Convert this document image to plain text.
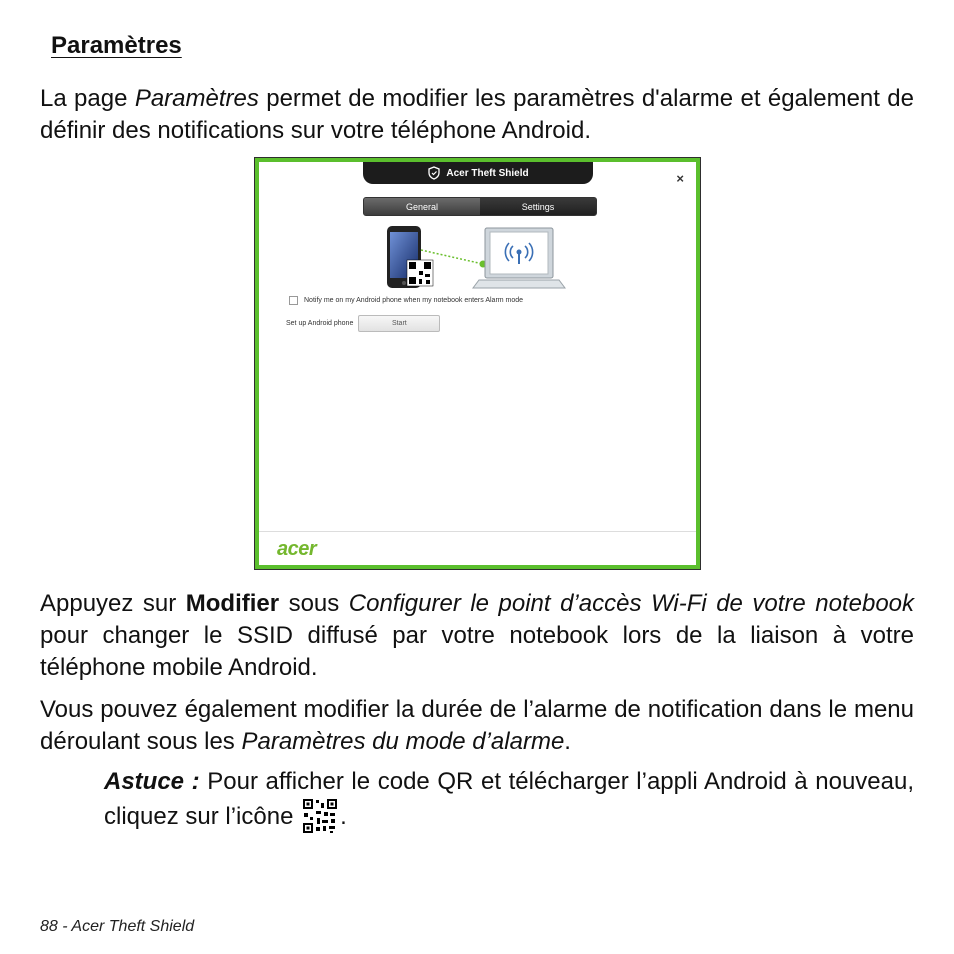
Paramètres

La page Paramètres permet de modifier les paramètres d'alarme et également de définir des notifications sur votre téléphone Android.

Acer Theft Shield	×
General	Settings
Notify me on my Android phone when my notebook enters Alarm mode
Set up Android phone	Start
acer

Appuyez sur Modifier sous Configurer le point d’accès Wi-Fi de votre notebook pour changer le SSID diffusé par votre notebook lors de la liaison à votre téléphone mobile Android.

Vous pouvez également modifier la durée de l’alarme de notification dans le menu déroulant sous les Paramètres du mode d’alarme.

Astuce : Pour afficher le code QR et télécharger l’appli Android à nouveau, cliquez sur l’icône .

88 - Acer Theft Shield
